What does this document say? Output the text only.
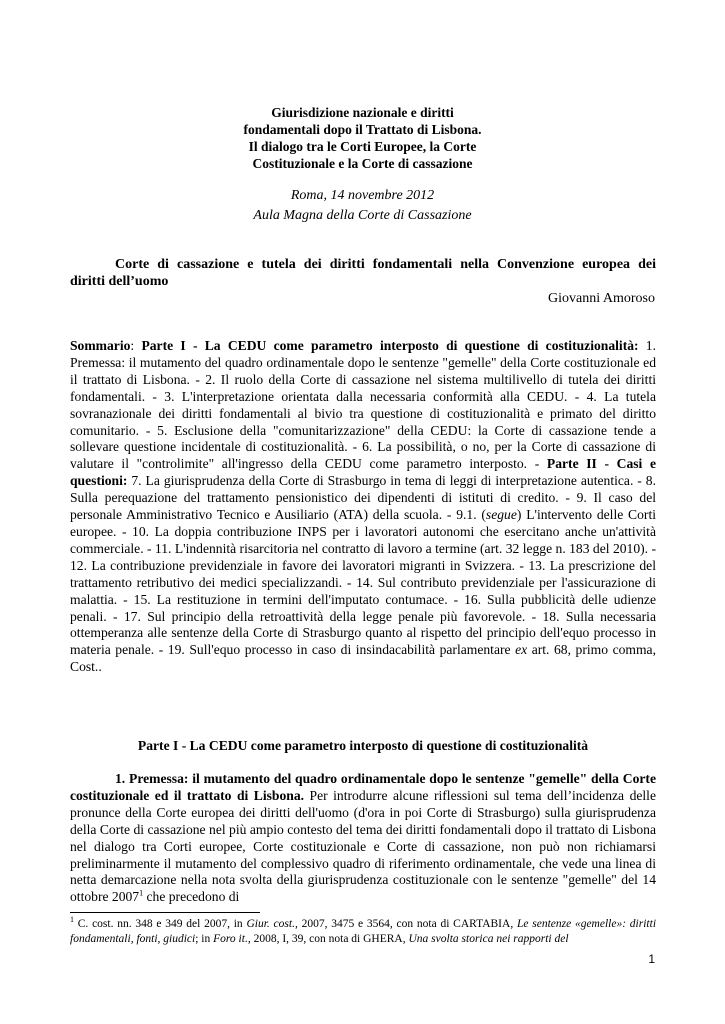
Giurisdizione nazionale e diritti
fondamentali dopo il Trattato di Lisbona.
Il dialogo tra le Corti Europee, la Corte
Costituzionale e la Corte di cassazione
Roma, 14 novembre 2012
Aula Magna della Corte di Cassazione
Corte di cassazione e tutela dei diritti fondamentali nella Convenzione europea dei
diritti dell’uomo
Giovanni Amoroso
Sommario: Parte I - La CEDU come parametro interposto di questione di costituzionalità: 1. Premessa: il mutamento del quadro ordinamentale dopo le sentenze "gemelle" della Corte costituzionale ed il trattato di Lisbona. - 2. Il ruolo della Corte di cassazione nel sistema multilivello di tutela dei diritti fondamentali. - 3. L'interpretazione orientata dalla necessaria conformità alla CEDU. - 4. La tutela sovranazionale dei diritti fondamentali al bivio tra questione di costituzionalità e primato del diritto comunitario. - 5. Esclusione della "comunitarizzazione" della CEDU: la Corte di cassazione tende a sollevare questione incidentale di costituzionalità. - 6. La possibilità, o no, per la Corte di cassazione di valutare il "controlimite" all'ingresso della CEDU come parametro interposto. - Parte II - Casi e questioni: 7. La giurisprudenza della Corte di Strasburgo in tema di leggi di interpretazione autentica. - 8. Sulla perequazione del trattamento pensionistico dei dipendenti di istituti di credito. - 9. Il caso del personale Amministrativo Tecnico e Ausiliario (ATA) della scuola. - 9.1. (segue) L'intervento delle Corti europee. - 10. La doppia contribuzione INPS per i lavoratori autonomi che esercitano anche un'attività commerciale. - 11. L'indennità risarcitoria nel contratto di lavoro a termine (art. 32 legge n. 183 del 2010). - 12. La contribuzione previdenziale in favore dei lavoratori migranti in Svizzera. - 13. La prescrizione del trattamento retributivo dei medici specializzandi. - 14. Sul contributo previdenziale per l'assicurazione di malattia. - 15. La restituzione in termini dell'imputato contumace. - 16. Sulla pubblicità delle udienze penali. - 17. Sul principio della retroattività della legge penale più favorevole. - 18. Sulla necessaria ottemperanza alle sentenze della Corte di Strasburgo quanto al rispetto del principio dell'equo processo in materia penale. - 19. Sull'equo processo in caso di insindacabilità parlamentare ex art. 68, primo comma, Cost..
Parte I - La CEDU come parametro interposto di questione di costituzionalità
1. Premessa: il mutamento del quadro ordinamentale dopo le sentenze "gemelle" della Corte costituzionale ed il trattato di Lisbona. Per introdurre alcune riflessioni sul tema dell’incidenza delle pronunce della Corte europea dei diritti dell'uomo (d'ora in poi Corte di Strasburgo) sulla giurisprudenza della Corte di cassazione nel più ampio contesto del tema dei diritti fondamentali dopo il trattato di Lisbona nel dialogo tra Corti europee, Corte costituzionale e Corte di cassazione, non può non richiamarsi preliminarmente il mutamento del complessivo quadro di riferimento ordinamentale, che vede una linea di netta demarcazione nella nota svolta della giurisprudenza costituzionale con le sentenze "gemelle" del 14 ottobre 2007$^1$ che precedono di
$^1$ C. cost. nn. 348 e 349 del 2007, in Giur. cost., 2007, 3475 e 3564, con nota di CARTABIA, Le sentenze «gemelle»: diritti fondamentali, fonti, giudici; in Foro it., 2008, I, 39, con nota di GHERA, Una svolta storica nei rapporti del
1
